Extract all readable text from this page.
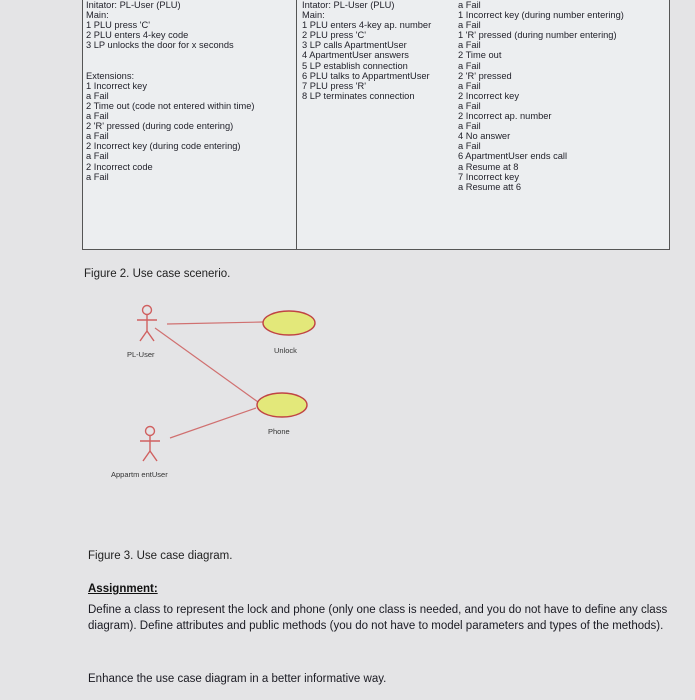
Initator: PL-User (PLU)
Main:
1 PLU press 'C'
2 PLU enters 4-key code
3 LP unlocks the door for x seconds
Extensions:
1 Incorrect key
a Fail
2 Time out (code not entered within time)
a Fail
2 'R' pressed (during code entering)
a Fail
2 Incorrect key (during code entering)
a Fail
2 Incorrect code
a Fail
Intator: PL-User (PLU)
Main:
1 PLU enters 4-key ap. number
2 PLU press 'C'
3 LP calls ApartmentUser
4 ApartmentUser answers
5 LP establish connection
6 PLU talks to AppartmentUser
7 PLU press 'R'
8 LP terminates connection
a Fail
1 Incorrect key (during number entering)
a Fail
1 'R' pressed (during number entering)
a Fail
2 Time out
a Fail
2 'R' pressed
a Fail
2 Incorrect key
a Fail
2 Incorrect ap. number
a Fail
4 No answer
a Fail
6 ApartmentUser ends call
a Resume at 8
7 Incorrect key
a Resume att 6
Figure 2. Use case scenerio.
PL-User
Appartm entUser
Unlock
Phone
Figure 3. Use case diagram.
Assignment:
Define a class to represent the lock and phone (only one class is needed, and you do not have to define any class diagram). Define attributes and public methods (you do not have to model parameters and types of the methods).
Enhance the use case diagram in a better informative way.
